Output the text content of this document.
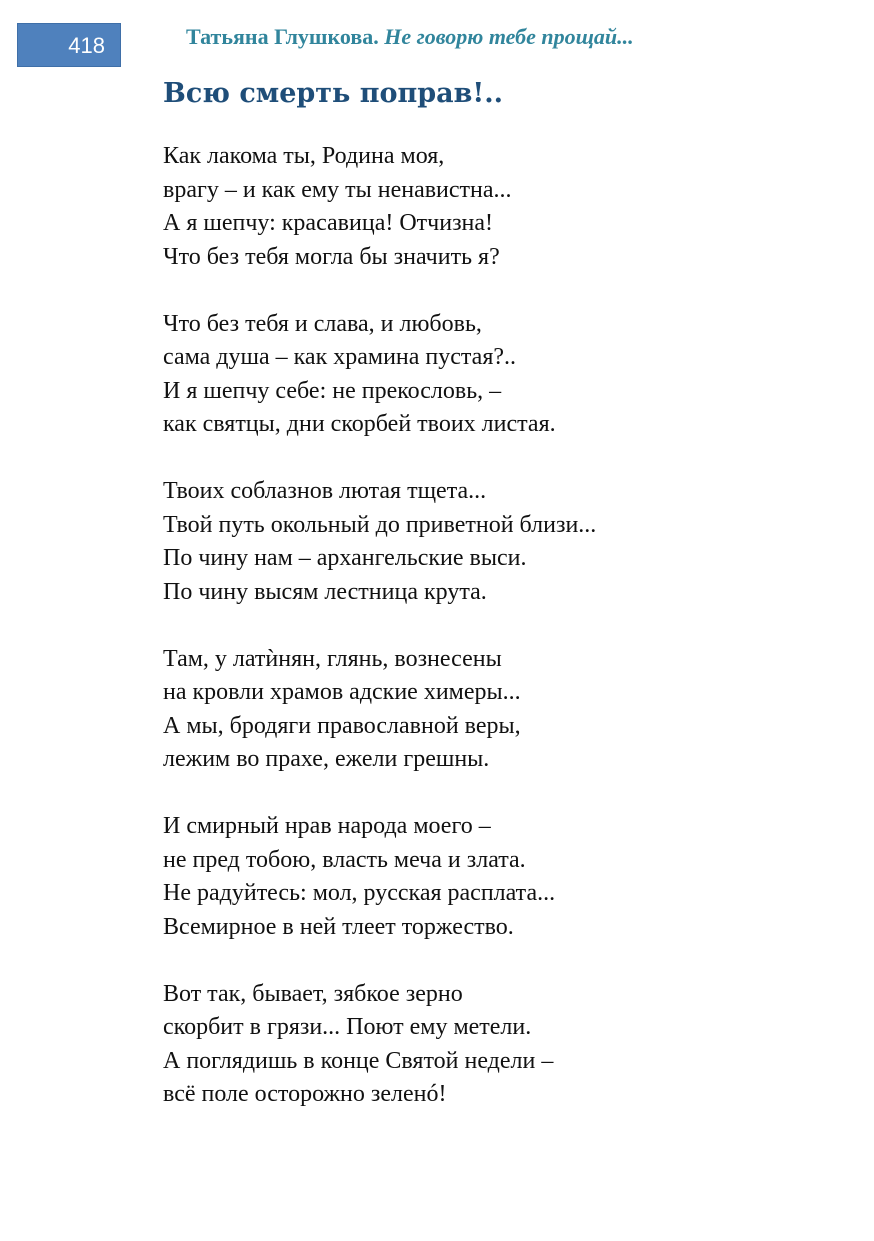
418	Татьяна Глушкова. Не говорю тебе прощай...
Всю смерть поправ!..
Как лакома ты, Родина моя,
врагу – и как ему ты ненавистна...
А я шепчу: красавица! Отчизна!
Что без тебя могла бы значить я?
Что без тебя и слава, и любовь,
сама душа – как храмина пустая?..
И я шепчу себе: не прекословь, –
как святцы, дни скорбей твоих листая.
Твоих соблазнов лютая тщета...
Твой путь окольный до приветной близи...
По чину нам – архангельские выси.
По чину высям лестница крута.
Там, у латѝнян, глянь, вознесены
на кровли храмов адские химеры...
А мы, бродяги православной веры,
лежим во прахе, ежели грешны.
И смирный нрав народа моего –
не пред тобою, власть меча и злата.
Не радуйтесь: мол, русская расплата...
Всемирное в ней тлеет торжество.
Вот так, бывает, зябкое зерно
скорбит в грязи... Поют ему метели.
А поглядишь в конце Святой недели –
всё поле осторожно зеленó!
